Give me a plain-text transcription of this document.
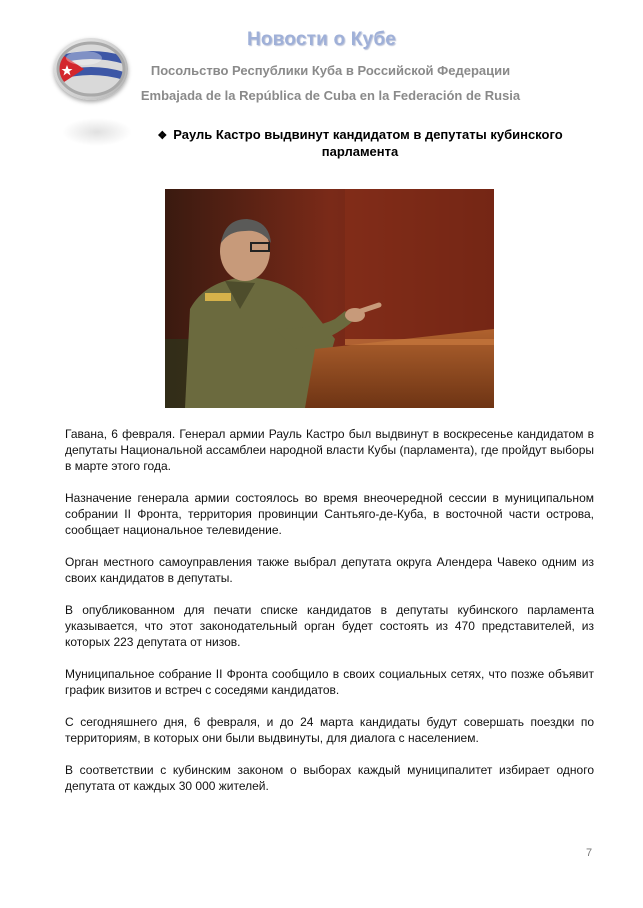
Новости о Кубе
Посольство Республики Куба в Российской Федерации
Embajada de la República de Cuba en la Federación de Rusia
❖ Рауль Кастро выдвинут кандидатом в депутаты кубинского парламента

Гавана, 6 февраля. Генерал армии Рауль Кастро был выдвинут в воскресенье кандидатом в депутаты Национальной ассамблеи народной власти Кубы (парламента), где пройдут выборы в марте этого года.

Назначение генерала армии состоялось во время внеочередной сессии в муниципальном собрании II Фронта, территория провинции Сантьяго-де-Куба, в восточной части острова, сообщает национальное телевидение.

Орган местного самоуправления также выбрал депутата округа Алендера Чавеко одним из своих кандидатов в депутаты.

В опубликованном для печати списке кандидатов в депутаты кубинского парламента указывается, что этот законодательный орган будет состоять из 470 представителей, из которых 223 депутата от низов.

Муниципальное собрание II Фронта сообщило в своих социальных сетях, что позже объявит график визитов и встреч с соседями кандидатов.

С сегодняшнего дня, 6 февраля, и до 24 марта кандидаты будут совершать поездки по территориям, в которых они были выдвинуты, для диалога с населением.

В соответствии с кубинским законом о выборах каждый муниципалитет избирает одного депутата от каждых 30 000 жителей.

7
